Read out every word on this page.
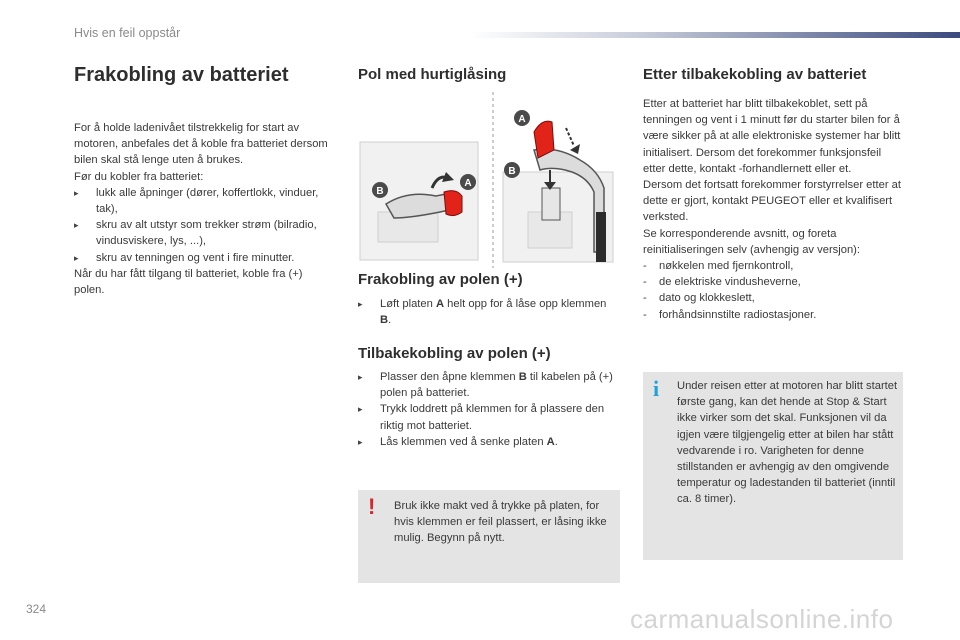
Hvis en feil oppstår
Frakobling av batteriet

For å holde ladenivået tilstrekkelig for start av motoren, anbefales det å koble fra batteriet dersom bilen skal stå lenge uten å brukes.

Før du kobler fra batteriet:

▸	lukk alle åpninger (dører, koffertlokk, vinduer, tak),
▸	skru av alt utstyr som trekker strøm (bilradio, vindusviskere, lys, ...),
▸	skru av tenningen og vent i fire minutter.

Når du har fått tilgang til batteriet, koble fra (+) polen.

Pol med hurtiglåsing
B
A
A
B
Frakobling av polen (+)
▸	Løft platen A helt opp for å låse opp klemmen B.
Tilbakekobling av polen (+)
▸	Plasser den åpne klemmen B til kabelen på (+) polen på batteriet.
▸	Trykk loddrett på klemmen for å plassere den riktig mot batteriet.
▸	Lås klemmen ved å senke platen A.
!	Bruk ikke makt ved å trykke på platen, for hvis klemmen er feil plassert, er låsing ikke mulig. Begynn på nytt.
Etter tilbakekobling av batteriet

Etter at batteriet har blitt tilbakekoblet, sett på tenningen og vent i 1 minutt før du starter bilen for å være sikker på at alle elektroniske systemer har blitt initialisert. Dersom det forekommer funksjonsfeil etter dette, kontakt -forhandlernett eller et.

Dersom det fortsatt forekommer forstyrrelser etter at dette er gjort, kontakt PEUGEOT eller et kvalifisert verksted.

Se korresponderende avsnitt, og foreta reinitialiseringen selv (avhengig av versjon):

- nøkkelen med fjernkontroll,
- de elektriske vindusheverne,
- dato og klokkeslett,
- forhåndsinnstilte radiostasjoner.
i	Under reisen etter at motoren har blitt startet første gang, kan det hende at Stop & Start ikke virker som det skal. Funksjonen vil da igjen være tilgjengelig etter at bilen har stått vedvarende i ro. Varigheten for denne stillstanden er avhengig av den omgivende temperatur og ladestanden til batteriet (inntil ca. 8 timer).
324	carmanualsonline.info
